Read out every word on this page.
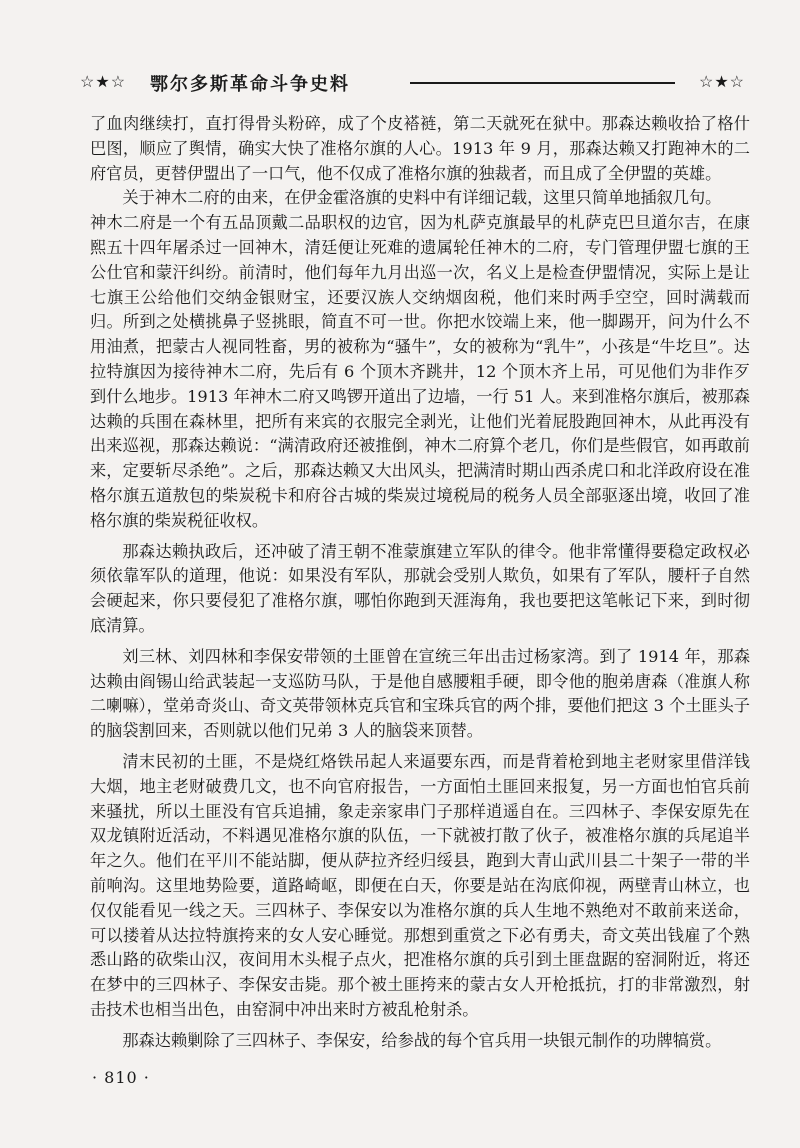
☆★☆ 鄂尔多斯革命斗争史料	☆★☆

了血肉继续打，直打得骨头粉碎，成了个皮褡裢，第二天就死在狱中。那森达赖收拾了格什巴图，顺应了舆情，确实大快了准格尔旗的人心。1913 年 9 月，那森达赖又打跑神木的二府官员，更替伊盟出了一口气，他不仅成了准格尔旗的独裁者，而且成了全伊盟的英雄。

关于神木二府的由来，在伊金霍洛旗的史料中有详细记载，这里只简单地插叙几句。

神木二府是一个有五品顶戴二品职权的边官，因为札萨克旗最早的札萨克巴旦道尔吉，在康熙五十四年屠杀过一回神木，清廷便让死难的遗属轮任神木的二府，专门管理伊盟七旗的王公仕官和蒙汗纠纷。前清时，他们每年九月出巡一次，名义上是检查伊盟情况，实际上是让七旗王公给他们交纳金银财宝，还要汉族人交纳烟囱税，他们来时两手空空，回时满载而归。所到之处横挑鼻子竖挑眼，简直不可一世。你把水饺端上来，他一脚踢开，问为什么不用油煮，把蒙古人视同牲畜，男的被称为“骚牛”，女的被称为“乳牛”，小孩是“牛圪旦”。达拉特旗因为接待神木二府，先后有 6 个顶木齐跳井，12 个顶木齐上吊，可见他们为非作歹到什么地步。1913 年神木二府又鸣锣开道出了边墙，一行 51 人。来到准格尔旗后，被那森达赖的兵围在森林里，把所有来宾的衣服完全剥光，让他们光着屁股跑回神木，从此再没有出来巡视，那森达赖说：“满清政府还被推倒，神木二府算个老几，你们是些假官，如再敢前来，定要斩尽杀绝”。之后，那森达赖又大出风头，把满清时期山西杀虎口和北洋政府设在准格尔旗五道敖包的柴炭税卡和府谷古城的柴炭过境税局的税务人员全部驱逐出境，收回了准格尔旗的柴炭税征收权。

那森达赖执政后，还冲破了清王朝不准蒙旗建立军队的律令。他非常懂得要稳定政权必须依靠军队的道理，他说：如果没有军队，那就会受别人欺负，如果有了军队，腰杆子自然会硬起来，你只要侵犯了准格尔旗，哪怕你跑到天涯海角，我也要把这笔帐记下来，到时彻底清算。

刘三林、刘四林和李保安带领的土匪曾在宣统三年出击过杨家湾。到了 1914 年，那森达赖由阎锡山给武装起一支巡防马队，于是他自感腰粗手硬，即令他的胞弟唐森（准旗人称二喇嘛），堂弟奇炎山、奇文英带领林克兵官和宝珠兵官的两个排，要他们把这 3 个土匪头子的脑袋割回来，否则就以他们兄弟 3 人的脑袋来顶替。

清末民初的土匪，不是烧红烙铁吊起人来逼要东西，而是背着枪到地主老财家里借洋钱大烟，地主老财破费几文，也不向官府报告，一方面怕土匪回来报复，另一方面也怕官兵前来骚扰，所以土匪没有官兵追捕，象走亲家串门子那样逍遥自在。三四林子、李保安原先在双龙镇附近活动，不料遇见准格尔旗的队伍，一下就被打散了伙子，被准格尔旗的兵尾追半年之久。他们在平川不能站脚，便从萨拉齐经归绥县，跑到大青山武川县二十架子一带的半前响沟。这里地势险要，道路崎岖，即便在白天，你要是站在沟底仰视，两壁青山林立，也仅仅能看见一线之天。三四林子、李保安以为准格尔旗的兵人生地不熟绝对不敢前来送命，可以搂着从达拉特旗挎来的女人安心睡觉。那想到重赏之下必有勇夫，奇文英出钱雇了个熟悉山路的砍柴山汉，夜间用木头棍子点火，把准格尔旗的兵引到土匪盘踞的窑洞附近，将还在梦中的三四林子、李保安击毙。那个被土匪挎来的蒙古女人开枪抵抗，打的非常激烈，射击技术也相当出色，由窑洞中冲出来时方被乱枪射杀。

那森达赖剿除了三四林子、李保安，给参战的每个官兵用一块银元制作的功牌犒赏。

· 810 ·
